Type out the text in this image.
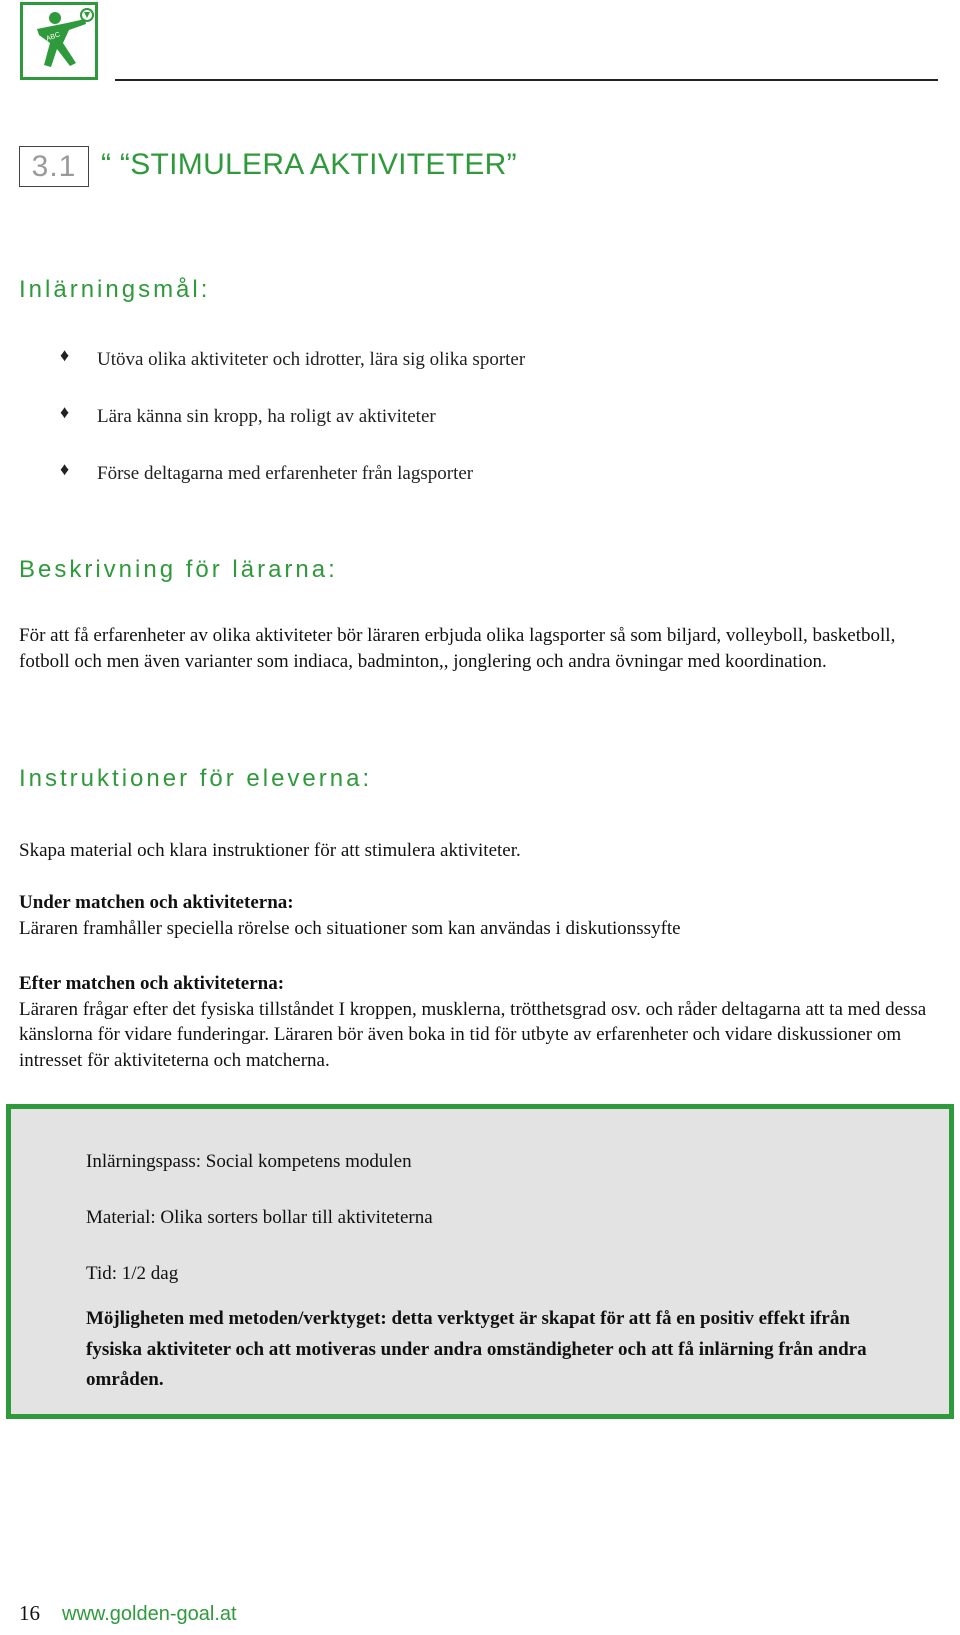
ABC
3.1 “ “STIMULERA AKTIVITETER”
Inlärningsmål:
♦ Utöva olika aktiviteter och idrotter, lära sig olika sporter
♦ Lära känna sin kropp, ha roligt av aktiviteter
♦ Förse deltagarna med erfarenheter från lagsporter
Beskrivning för lärarna:
För att få erfarenheter av olika aktiviteter bör läraren erbjuda olika lagsporter så som biljard, volleyboll, basketboll, fotboll och men även varianter som indiaca, badminton,, jonglering och andra övningar med koordination.
Instruktioner för eleverna:
Skapa material och klara instruktioner för att stimulera aktiviteter.
Under matchen och aktiviteterna:
Läraren framhåller speciella rörelse och situationer som kan användas i diskutionssyfte
Efter matchen och aktiviteterna:
Läraren frågar efter det fysiska tillståndet I kroppen, musklerna, trötthetsgrad osv. och råder deltagarna att ta med dessa känslorna för vidare funderingar. Läraren bör även boka in tid för utbyte av erfarenheter och vidare diskussioner om intresset för aktiviteterna och matcherna.
Inlärningspass: Social kompetens modulen
Material: Olika sorters bollar till aktiviteterna
Tid: 1/2 dag
Möjligheten med metoden/verktyget: detta verktyget är skapat för att få en positiv effekt ifrån fysiska aktiviteter och att motiveras under andra omständigheter och att få inlärning från andra områden.
16 www.golden-goal.at
